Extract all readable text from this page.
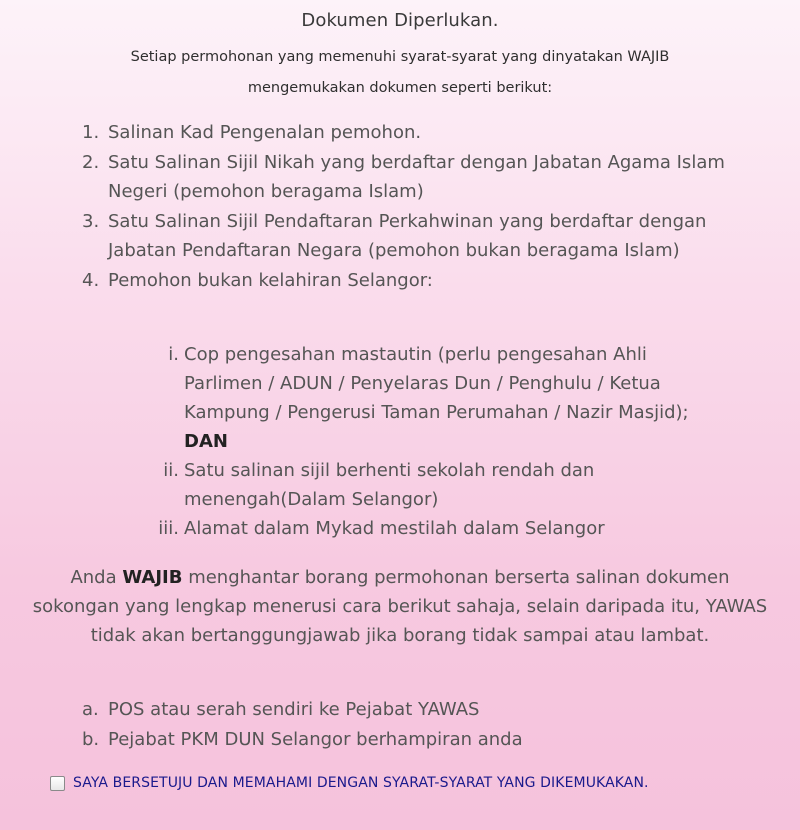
Dokumen Diperlukan.
Setiap permohonan yang memenuhi syarat-syarat yang dinyatakan WAJIB
mengemukakan dokumen seperti berikut:
1. Salinan Kad Pengenalan pemohon.
2. Satu Salinan Sijil Nikah yang berdaftar dengan Jabatan Agama Islam Negeri (pemohon beragama Islam)
3. Satu Salinan Sijil Pendaftaran Perkahwinan yang berdaftar dengan Jabatan Pendaftaran Negara (pemohon bukan beragama Islam)
4. Pemohon bukan kelahiran Selangor:
i. Cop pengesahan mastautin (perlu pengesahan Ahli Parlimen / ADUN / Penyelaras Dun / Penghulu / Ketua Kampung / Pengerusi Taman Perumahan / Nazir Masjid); DAN
ii. Satu salinan sijil berhenti sekolah rendah dan menengah(Dalam Selangor)
iii. Alamat dalam Mykad mestilah dalam Selangor
Anda WAJIB menghantar borang permohonan berserta salinan dokumen sokongan yang lengkap menerusi cara berikut sahaja, selain daripada itu, YAWAS tidak akan bertanggungjawab jika borang tidak sampai atau lambat.
a. POS atau serah sendiri ke Pejabat YAWAS
b. Pejabat PKM DUN Selangor berhampiran anda
SAYA BERSETUJU DAN MEMAHAMI DENGAN SYARAT-SYARAT YANG DIKEMUKAKAN.
